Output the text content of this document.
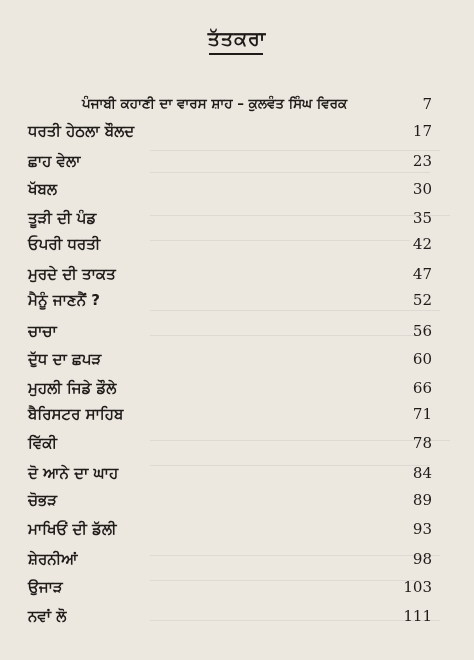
ਤੱਤਕਰਾ
ਪੰਜਾਬੀ ਕਹਾਣੀ ਦਾ ਵਾਰਸ ਸ਼ਾਹ – ਕੁਲਵੰਤ ਸਿੰਘ ਵਿਰਕ	7
ਧਰਤੀ ਹੇਠਲਾ ਬੌਲਦ	17
ਛਾਹ ਵੇਲਾ	23
ਖੱਬਲ	30
ਤੂੜੀ ਦੀ ਪੰਡ	35
ਓਪਰੀ ਧਰਤੀ	42
ਮੁਰਦੇ ਦੀ ਤਾਕਤ	47
ਮੈਨੂੰ ਜਾਣਨੈਂ ?	52
ਚਾਚਾ	56
ਦੁੱਧ ਦਾ ਛਪੜ	60
ਮੁਹਲੀ ਜਿਡੇ ਡੌਲੇ	66
ਬੈਰਿਸਟਰ ਸਾਹਿਬ	71
ਵਿੱਕੀ	78
ਦੋ ਆਨੇ ਦਾ ਘਾਹ	84
ਚੋਭੜ	89
ਮਾਖਿਓਂ ਦੀ ਡੱਲੀ	93
ਸ਼ੇਰਨੀਆਂ	98
ਉਜਾੜ	103
ਨਵਾਂ ਲੋ	111
